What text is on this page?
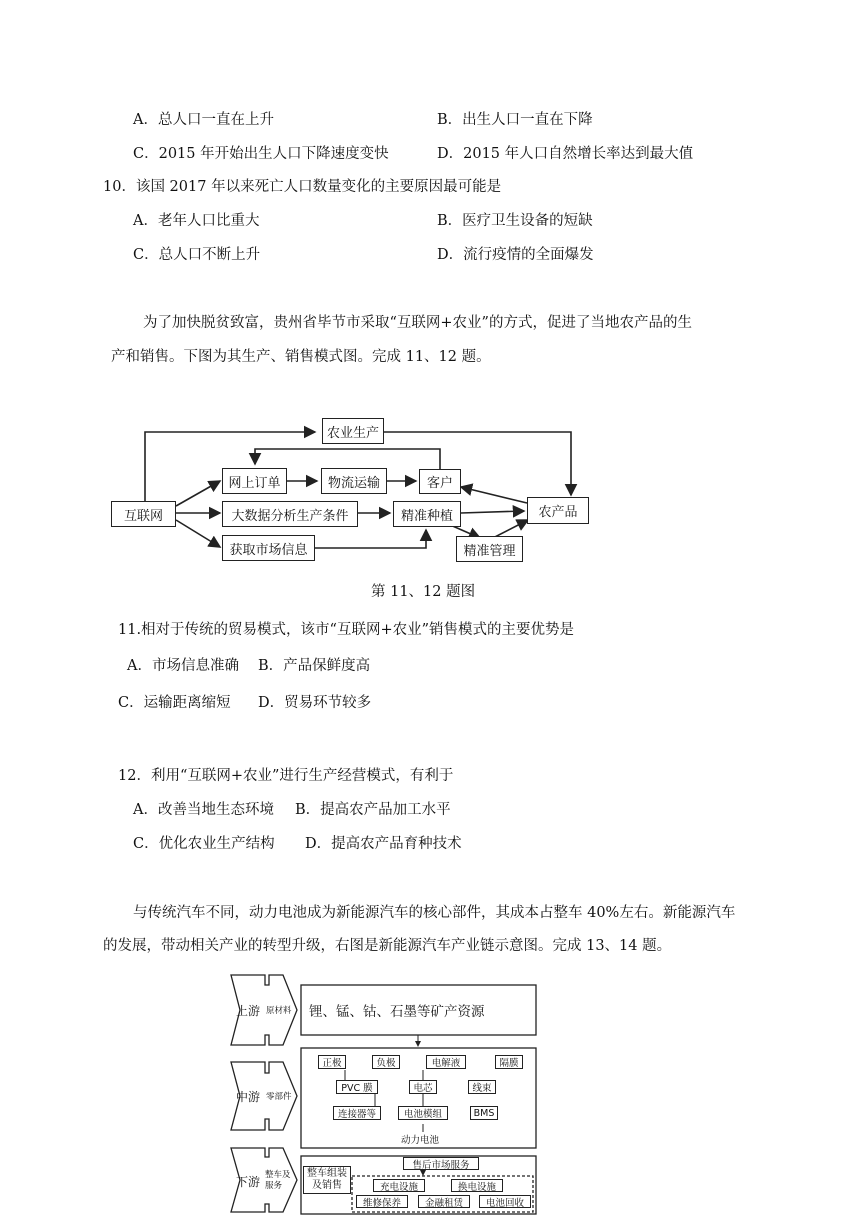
A．总人口一直在上升	B．出生人口一直在下降
C．2015 年开始出生人口下降速度变快	D．2015 年人口自然增长率达到最大值
10．该国 2017 年以来死亡人口数量变化的主要原因最可能是
A．老年人口比重大	B．医疗卫生设备的短缺
C．总人口不断上升	D．流行疫情的全面爆发
为了加快脱贫致富，贵州省毕节市采取“互联网+农业”的方式，促进了当地农产品的生
产和销售。下图为其生产、销售模式图。完成 11、12 题。
农业生产
互联网
网上订单	物流运输	客户
大数据分析生产条件	精准种植
获取市场信息	精准管理
农产品
第 11、12 题图
11.相对于传统的贸易模式，该市“互联网+农业”销售模式的主要优势是
A．市场信息准确 B．产品保鲜度高
C．运输距离缩短 D．贸易环节较多
12．利用“互联网+农业”进行生产经营模式，有利于
A．改善当地生态环境 B．提高农产品加工水平
C．优化农业生产结构 D．提高农产品育种技术
与传统汽车不同，动力电池成为新能源汽车的核心部件，其成本占整车 40%左右。新能源汽车
的发展，带动相关产业的转型升级，右图是新能源汽车产业链示意图。完成 13、14 题。
上游 原材料
中游 零部件
下游 整车及服务
锂、锰、钴、石墨等矿产资源
正极	负极	电解液	隔膜
PVC 膜	电芯	线束
连接器等	电池模组	BMS
动力电池
整车组装及销售
售后市场服务
充电设施	换电设施
维修保养	金融租赁	电池回收
